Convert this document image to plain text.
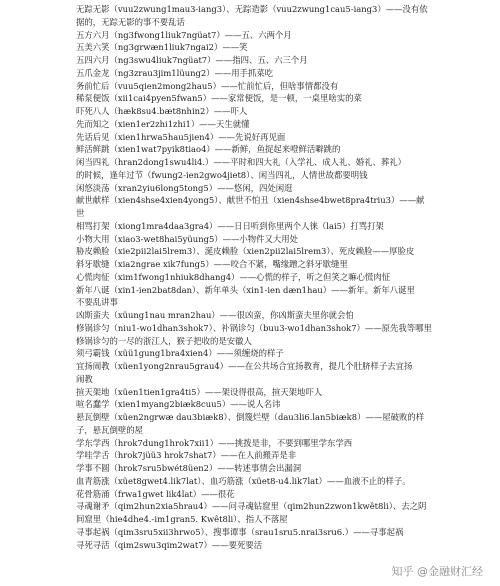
无踪无影（vuu2zwung1mau3-iang3）、无踪造影（vuu2zwung1cau5-iang3）——没有依
据的，无踪无影的事不要乱话
五方六月（ng3fwong1liuk7ngüat7）——五、六两个月
五美六笑（ng3grwæn1liuk7ngai2）——笑
五四六月（ng3swu4liuk7ngüat7）——指四、五、六三个月
五爪金龙（ng3zrau3jim1lüung2）——用手抓菜吃
务前忙后（vuu5qien2mong2hau5）——忙前忙后，但啥事情都没有
稀泵便饭（xii1cai4pyen5fwan5）——家常便饭，是一顿，一桌里啥实的菜
吓死八人（hæk8su4.bæt8nhin2）——吓人
先而知之（xien1er2zhi1zhi1）——天生就懂
先话后见（xien1hrwa5hau5jien4）——先说好再见面
鲜活鲜跳（xien1wat7pyik8tiao4）——新鲜，鱼捉起来噔鲜活噼跳的
闲当四礼（hran2dong1swu4li4.）——平时和四大礼（入学礼、成人礼、婚礼、葬礼）
的时候，逢年过节（fwung2-ien2gwo4jiet8）、闲当四礼，人情世故都要明钱
闲悠淡荡（xran2yiu6long5tong5）——悠闲，四处闲逛
献世献样（xien4shse4xien4yong5）、献世不怕丑（xien4shse4bwet8pra4triu3）——献
世
相骂打架（xiong1mra4daa3gra4）——日日听到你里两个人徕（lai5）打骂打架
小物大用（xiao3-wet8hai5yüung5）——小物件又大用处
胁皮赖脸（xie2pii2lai5lrem3）、涎皮赖脸（xien2pii2lai5lrem3）、死皮赖脸——厚脸皮
斜牙歇缝（xia2ngrae xik7fung5）——咬合不紧，嘴缘蹭之斜牙歇缝里
心慌肉怔（xim1fwong1nhiuk8dhang4）——心慌的样子，听之但笑之嘛心慌肉怔
新年八诞（xin1-ien2bat8dan）、新年单头（xin1-ien dæn1hau）——新年。新年八诞里
不要乱讲事
凶斯蛮夫（xüung1nau mran2hau）——很凶蛮，你凶斯蛮夫里你就会怕
修锅诊匀（niu1-wo1dhan3shok7）、补锅诊匀（buu3-wo1dhan3shok7）——原先我等哪里
修锅诊匀的一尽的浙江人，猴子把收的是安徽人
须弓霸钱（xüü1gung1bra4xien4）——须缠烧的样子
宜扬闹教（xüen1yong2nrau5grau4）——在公共场合宜扬教育，提几个肚脐样子去宜扬
闹教
揎天架地（xüen1tien1gra4ti5）——架设得很高，揎天架地吓人
喧名蠢学（xien1myang2biæk8cuu5）——说人名讳
悬瓦倒壁（xüen2ngrwæ dau3biæk8）、倒篾烂壁（dau3li6.lan5biæk8）——屋破败的样
子，悬瓦倒壁的屋
学东学西（hrok7dung1hrok7xii1）——挑拨是非，不要到哪里学东学西
学哇学舌（hrok7jüü3 hrok7shat7）——在人前搬弄是非
学事不圆（hrok7sru5bwét8üen2）——转述事情会出漏洞
血青筋涨（xüet8gwet4.lik7lat）、血巧筋涨（xüet8-u4.lik7lat）——血液不止的样子。
花骨筋涌（frwa1gwet lik4lat）——很花
寻魂谢矛（qim2hun2xia5hrau4）——问寻魂钻窟里（qim2hun2zwon1kwêt8li）、去之阴
间窟里（hie4dhe4.-im1gran5. Kwêt8li）、指人不落屋
寻事起祸（qim3sru5xii3hrwo5）、搜事谭事（srau1sru5.nrai3sru6.）——寻事起祸
寻死寻活（qim2swu3qim2wat7）——要死要活
知乎 @金融财汇经
